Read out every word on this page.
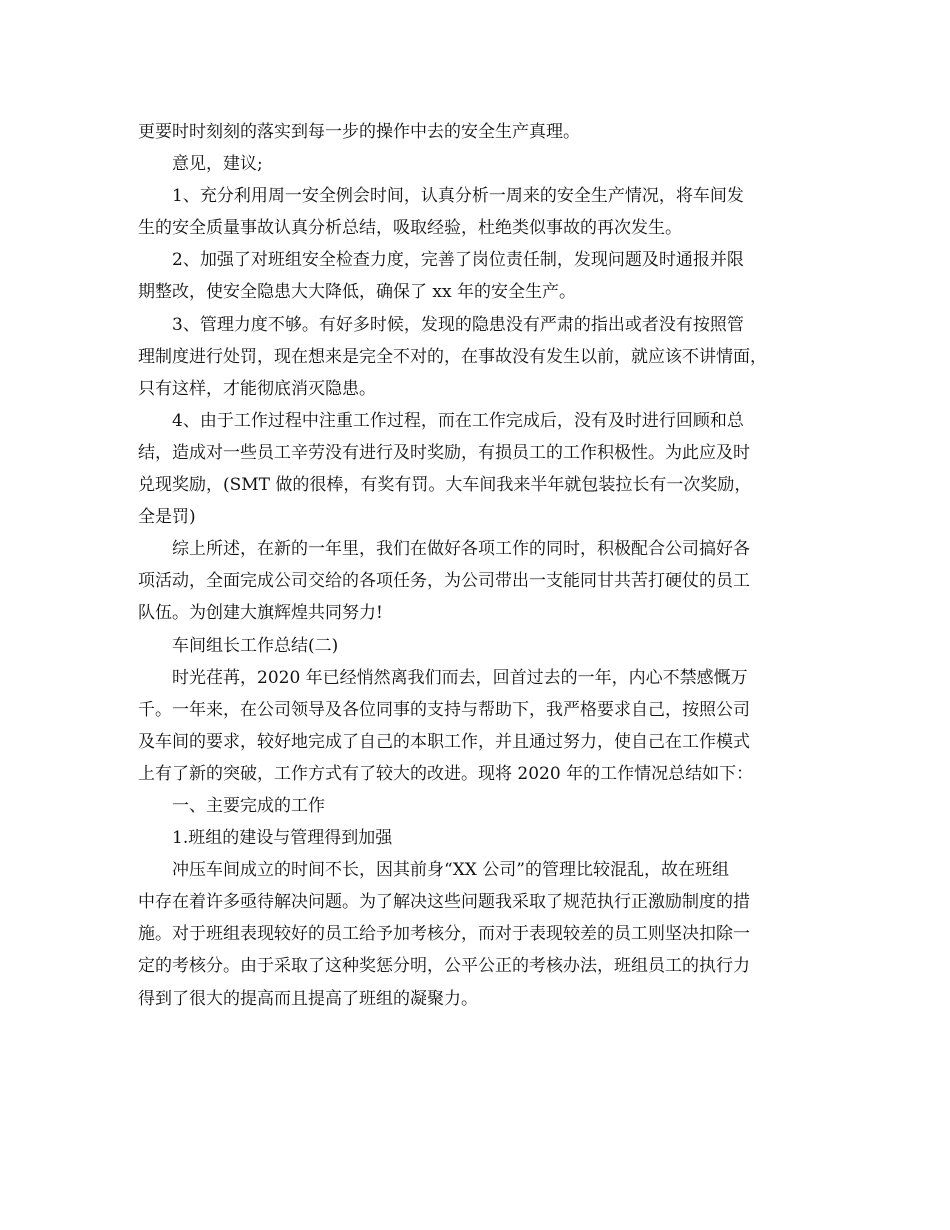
更要时时刻刻的落实到每一步的操作中去的安全生产真理。

意见，建议;

1、充分利用周一安全例会时间，认真分析一周来的安全生产情况，将车间发
生的安全质量事故认真分析总结，吸取经验，杜绝类似事故的再次发生。

2、加强了对班组安全检查力度，完善了岗位责任制，发现问题及时通报并限
期整改，使安全隐患大大降低，确保了 xx 年的安全生产。

3、管理力度不够。有好多时候，发现的隐患没有严肃的指出或者没有按照管
理制度进行处罚，现在想来是完全不对的，在事故没有发生以前，就应该不讲情面，
只有这样，才能彻底消灭隐患。

4、由于工作过程中注重工作过程，而在工作完成后，没有及时进行回顾和总
结，造成对一些员工辛劳没有进行及时奖励，有损员工的工作积极性。为此应及时
兑现奖励，(SMT 做的很棒，有奖有罚。大车间我来半年就包装拉长有一次奖励，
全是罚)

综上所述，在新的一年里，我们在做好各项工作的同时，积极配合公司搞好各
项活动，全面完成公司交给的各项任务，为公司带出一支能同甘共苦打硬仗的员工
队伍。为创建大旗辉煌共同努力!

车间组长工作总结(二)

时光荏苒，2020 年已经悄然离我们而去，回首过去的一年，内心不禁感慨万
千。一年来，在公司领导及各位同事的支持与帮助下，我严格要求自己，按照公司
及车间的要求，较好地完成了自己的本职工作，并且通过努力，使自己在工作模式
上有了新的突破，工作方式有了较大的改进。现将 2020 年的工作情况总结如下：

一、主要完成的工作

1.班组的建设与管理得到加强

冲压车间成立的时间不长，因其前身“XX 公司”的管理比较混乱，故在班组
中存在着许多亟待解决问题。为了解决这些问题我采取了规范执行正激励制度的措
施。对于班组表现较好的员工给予加考核分，而对于表现较差的员工则坚决扣除一
定的考核分。由于采取了这种奖惩分明，公平公正的考核办法，班组员工的执行力
得到了很大的提高而且提高了班组的凝聚力。
